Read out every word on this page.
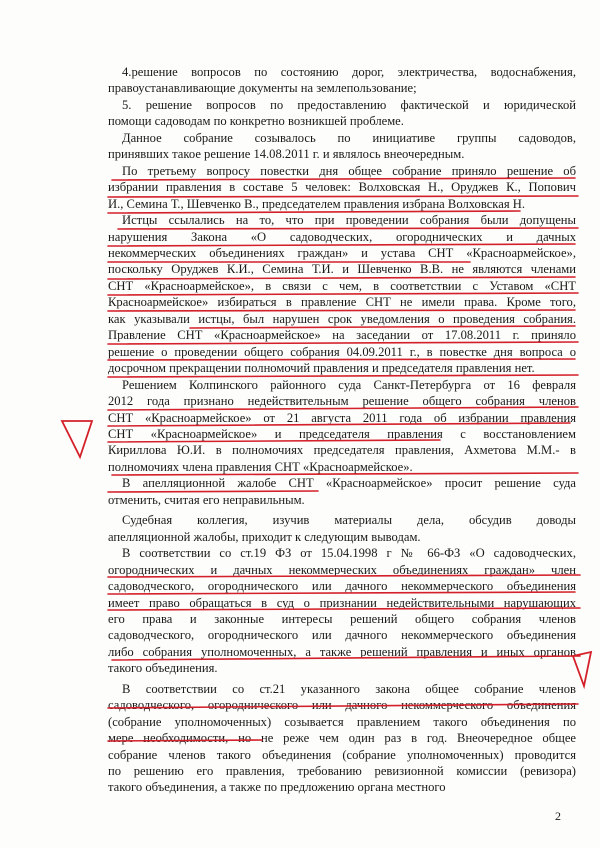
4.решение вопросов по состоянию дорог, электричества, водоснабжения,
правоустанавливающие документы на землепользование;
5. решение вопросов по предоставлению фактической и юридической
помощи садоводам по конкретно возникшей проблеме.
Данное собрание созывалось по инициативе группы садоводов,
принявших такое решение 14.08.2011 г. и являлось внеочередным.
По третьему вопросу повестки дня общее собрание приняло решение об
избрании правления в составе 5 человек: Волховская Н., Оруджев К., Попович
И., Семина Т., Шевченко В., председателем правления избрана Волховская Н.
Истцы ссылались на то, что при проведении собрания были допущены
нарушения Закона «О садоводческих, огороднических и дачных
некоммерческих объединениях граждан» и устава СНТ «Красноармейское»,
поскольку Оруджев К.И., Семина Т.И. и Шевченко В.В. не являются членами
СНТ «Красноармейское», в связи с чем, в соответствии с Уставом «СНТ
Красноармейское» избираться в правление СНТ не имели права. Кроме того,
как указывали истцы, был нарушен срок уведомления о проведения собрания.
Правление СНТ «Красноармейское» на заседании от 17.08.2011 г. приняло
решение о проведении общего собрания 04.09.2011 г., в повестке дня вопроса о
досрочном прекращении полномочий правления и председателя правления нет.
Решением Колпинского районного суда Санкт-Петербурга от 16 февраля
2012 года признано недействительным решение общего собрания членов
СНТ «Красноармейское» от 21 августа 2011 года об избрании правления
СНТ «Красноармейское» и председателя правления с восстановлением
Кириллова Ю.И. в полномочиях председателя правления, Ахметова М.М.- в
полномочиях члена правления СНТ «Красноармейское».
В апелляционной жалобе СНТ «Красноармейское» просит решение суда
отменить, считая его неправильным.
Судебная коллегия, изучив материалы дела, обсудив доводы
апелляционной жалобы, приходит к следующим выводам.
В соответствии со ст.19 ФЗ от 15.04.1998 г № 66-ФЗ «О садоводческих,
огороднических и дачных некоммерческих объединениях граждан» член
садоводческого, огороднического или дачного некоммерческого объединения
имеет право обращаться в суд о признании недействительными нарушающих
его права и законные интересы решений общего собрания членов
садоводческого, огороднического или дачного некоммерческого объединения
либо собрания уполномоченных, а также решений правления и иных органов
такого объединения.
В соответствии со ст.21 указанного закона общее собрание членов
садоводческого, огороднического или дачного некоммерческого объединения
(собрание уполномоченных) созывается правлением такого объединения по
мере необходимости, но не реже чем один раз в год. Внеочередное общее
собрание членов такого объединения (собрание уполномоченных) проводится
по решению его правления, требованию ревизионной комиссии (ревизора)
такого объединения, а также по предложению органа местного
2
